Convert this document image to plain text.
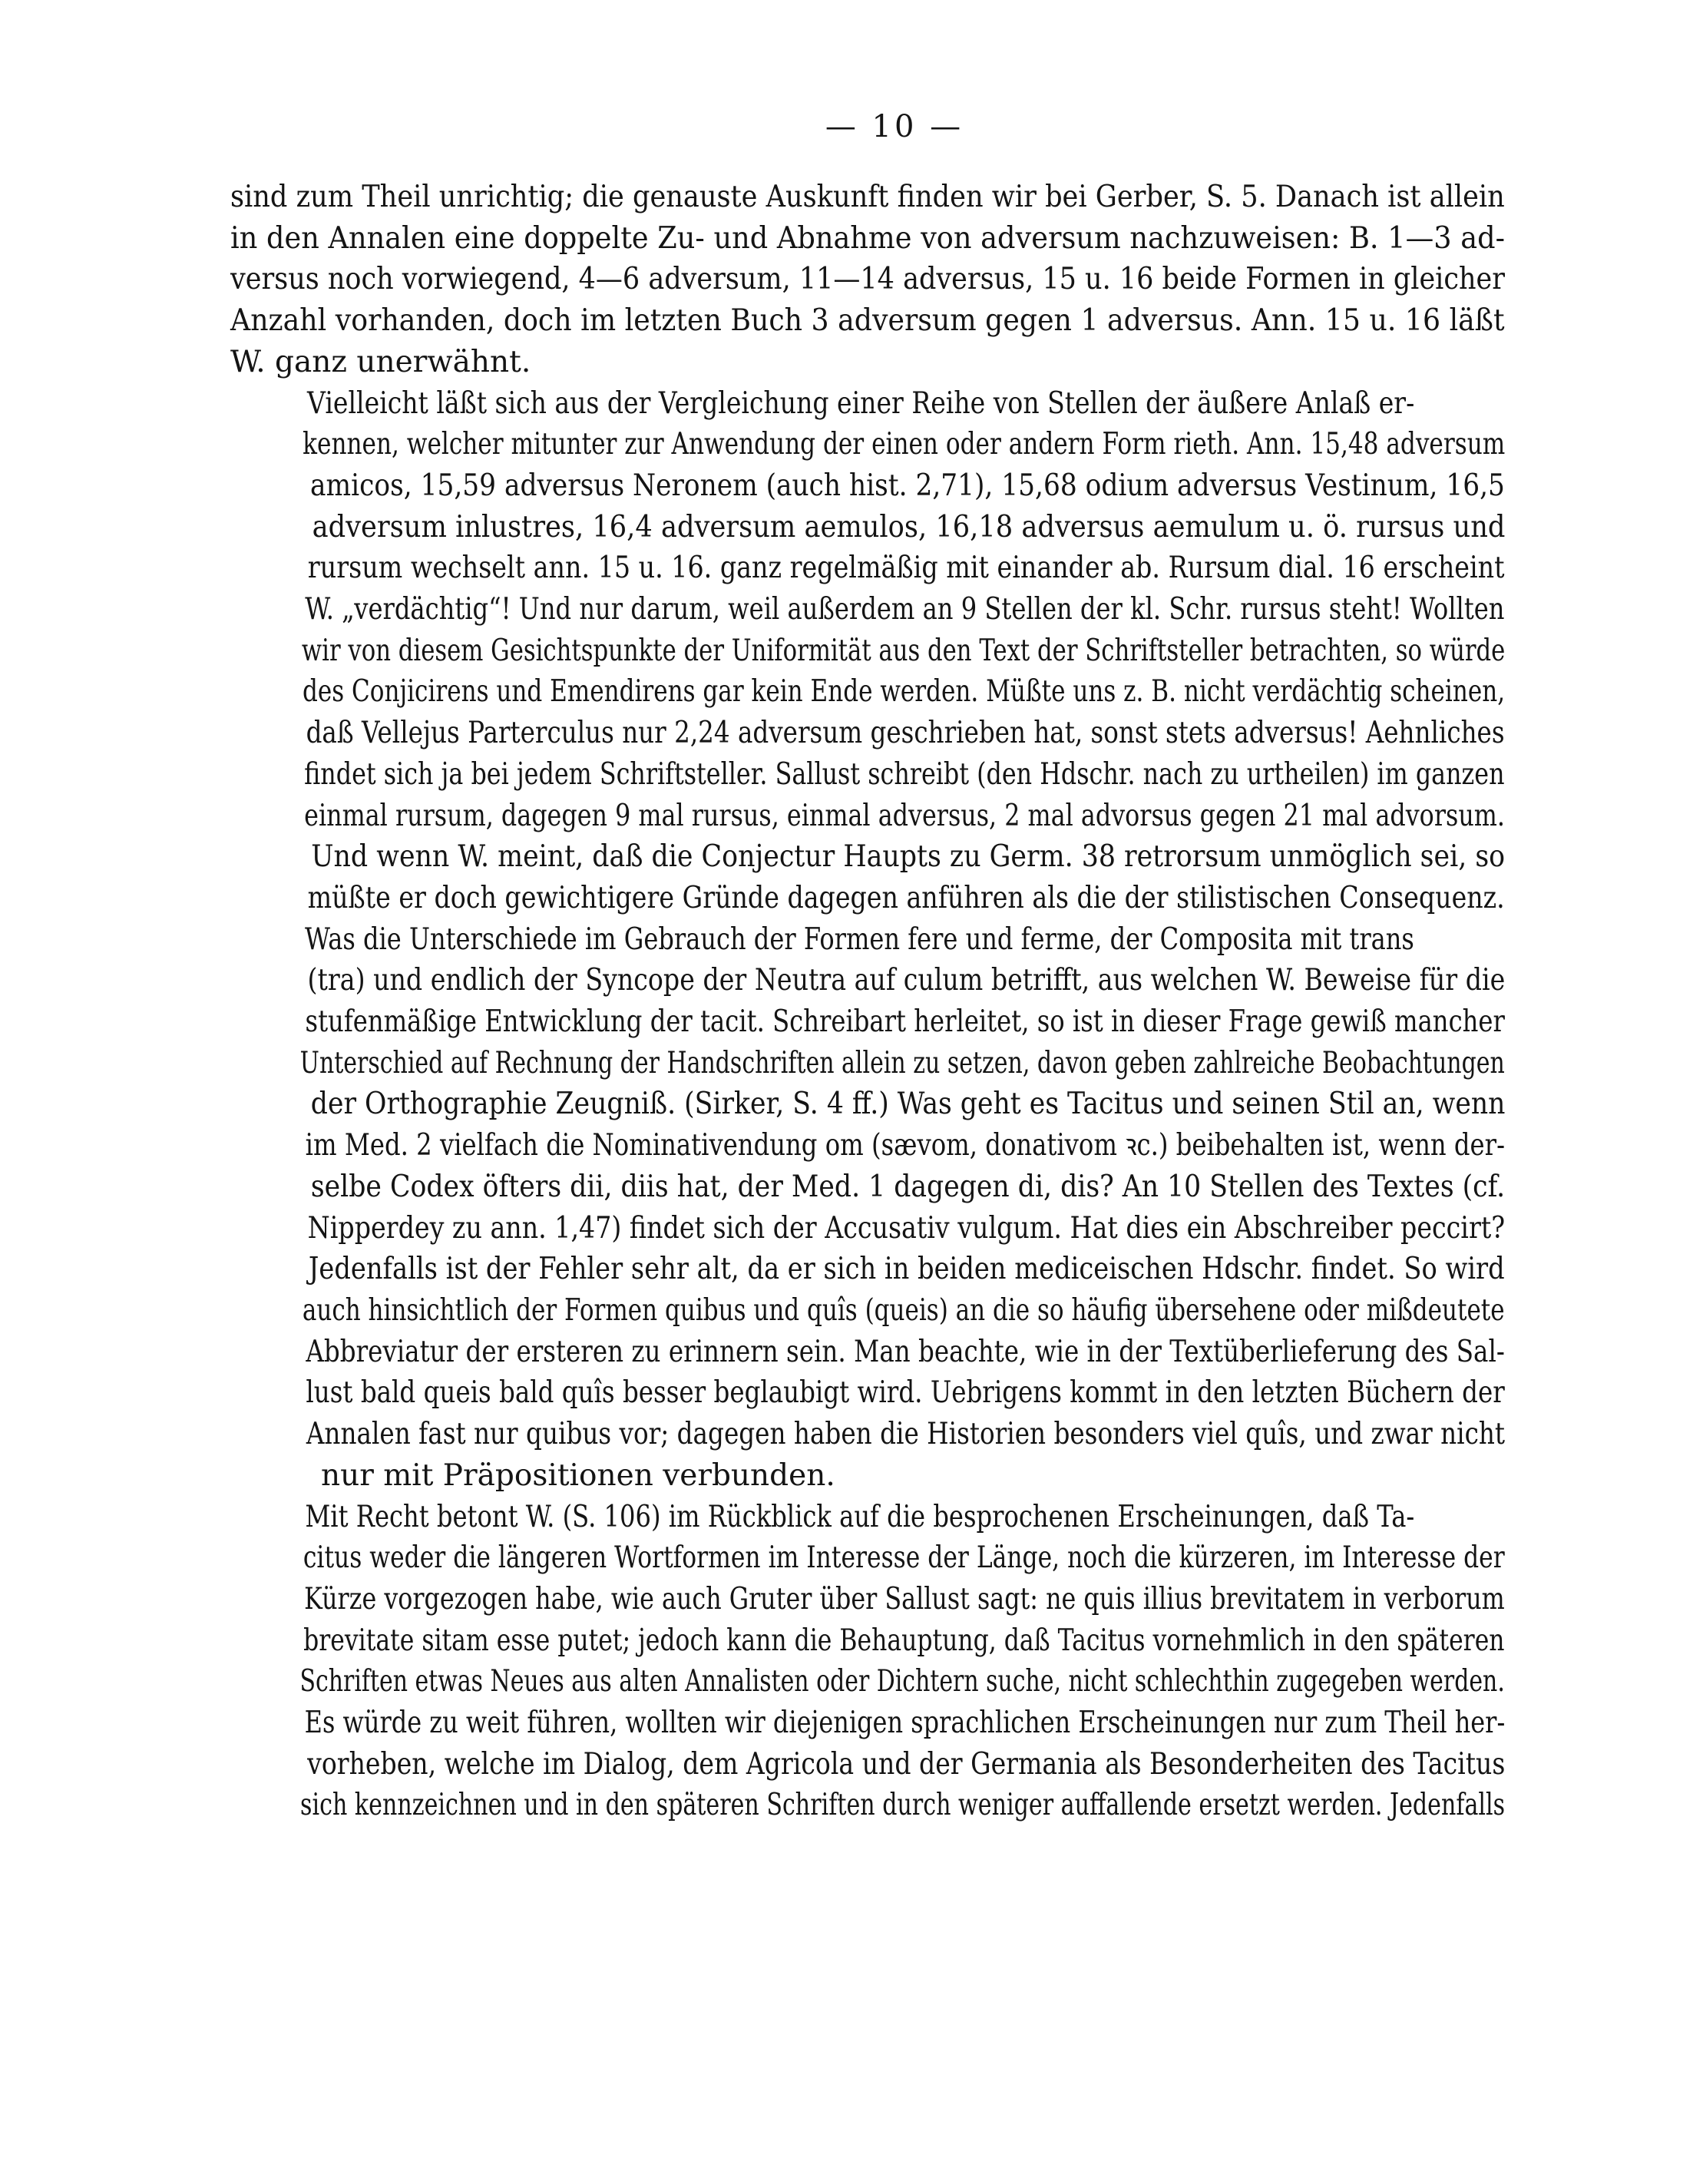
— 10 —

sind zum Theil unrichtig; die genauste Auskunft finden wir bei Gerber, S. 5. Danach ist allein
in den Annalen eine doppelte Zu- und Abnahme von adversum nachzuweisen: B. 1—3 ad-
versus noch vorwiegend, 4—6 adversum, 11—14 adversus, 15 u. 16 beide Formen in gleicher
Anzahl vorhanden, doch im letzten Buch 3 adversum gegen 1 adversus. Ann. 15 u. 16 läßt
W. ganz unerwähnt.

Vielleicht läßt sich aus der Vergleichung einer Reihe von Stellen der äußere Anlaß er-
kennen, welcher mitunter zur Anwendung der einen oder andern Form rieth. Ann. 15,48 adversum
amicos, 15,59 adversus Neronem (auch hist. 2,71), 15,68 odium adversus Vestinum, 16,5
adversum inlustres, 16,4 adversum aemulos, 16,18 adversus aemulum u. ö. rursus und
rursum wechselt ann. 15 u. 16. ganz regelmäßig mit einander ab. Rursum dial. 16 erscheint
W. „verdächtig“! Und nur darum, weil außerdem an 9 Stellen der kl. Schr. rursus steht! Wollten
wir von diesem Gesichtspunkte der Uniformität aus den Text der Schriftsteller betrachten, so würde
des Conjicirens und Emendirens gar kein Ende werden. Müßte uns z. B. nicht verdächtig scheinen,
daß Vellejus Parterculus nur 2,24 adversum geschrieben hat, sonst stets adversus! Aehnliches
findet sich ja bei jedem Schriftsteller. Sallust schreibt (den Hdschr. nach zu urtheilen) im ganzen
einmal rursum, dagegen 9 mal rursus, einmal adversus, 2 mal advorsus gegen 21 mal advorsum.
Und wenn W. meint, daß die Conjectur Haupts zu Germ. 38 retrorsum unmöglich sei, so
müßte er doch gewichtigere Gründe dagegen anführen als die der stilistischen Consequenz.

Was die Unterschiede im Gebrauch der Formen fere und ferme, der Composita mit trans
(tra) und endlich der Syncope der Neutra auf culum betrifft, aus welchen W. Beweise für die
stufenmäßige Entwicklung der tacit. Schreibart herleitet, so ist in dieser Frage gewiß mancher
Unterschied auf Rechnung der Handschriften allein zu setzen, davon geben zahlreiche Beobachtungen
der Orthographie Zeugniß. (Sirker, S. 4 ff.) Was geht es Tacitus und seinen Stil an, wenn
im Med. 2 vielfach die Nominativendung om (sævom, donativom ꝛc.) beibehalten ist, wenn der-
selbe Codex öfters dii, diis hat, der Med. 1 dagegen di, dis? An 10 Stellen des Textes (cf.
Nipperdey zu ann. 1,47) findet sich der Accusativ vulgum. Hat dies ein Abschreiber peccirt?
Jedenfalls ist der Fehler sehr alt, da er sich in beiden mediceischen Hdschr. findet. So wird
auch hinsichtlich der Formen quibus und quîs (queis) an die so häufig übersehene oder mißdeutete
Abbreviatur der ersteren zu erinnern sein. Man beachte, wie in der Textüberlieferung des Sal-
lust bald queis bald quîs besser beglaubigt wird. Uebrigens kommt in den letzten Büchern der
Annalen fast nur quibus vor; dagegen haben die Historien besonders viel quîs, und zwar nicht
nur mit Präpositionen verbunden.

Mit Recht betont W. (S. 106) im Rückblick auf die besprochenen Erscheinungen, daß Ta-
citus weder die längeren Wortformen im Interesse der Länge, noch die kürzeren, im Interesse der
Kürze vorgezogen habe, wie auch Gruter über Sallust sagt: ne quis illius brevitatem in verborum
brevitate sitam esse putet; jedoch kann die Behauptung, daß Tacitus vornehmlich in den späteren
Schriften etwas Neues aus alten Annalisten oder Dichtern suche, nicht schlechthin zugegeben werden.
Es würde zu weit führen, wollten wir diejenigen sprachlichen Erscheinungen nur zum Theil her-
vorheben, welche im Dialog, dem Agricola und der Germania als Besonderheiten des Tacitus
sich kennzeichnen und in den späteren Schriften durch weniger auffallende ersetzt werden. Jedenfalls
